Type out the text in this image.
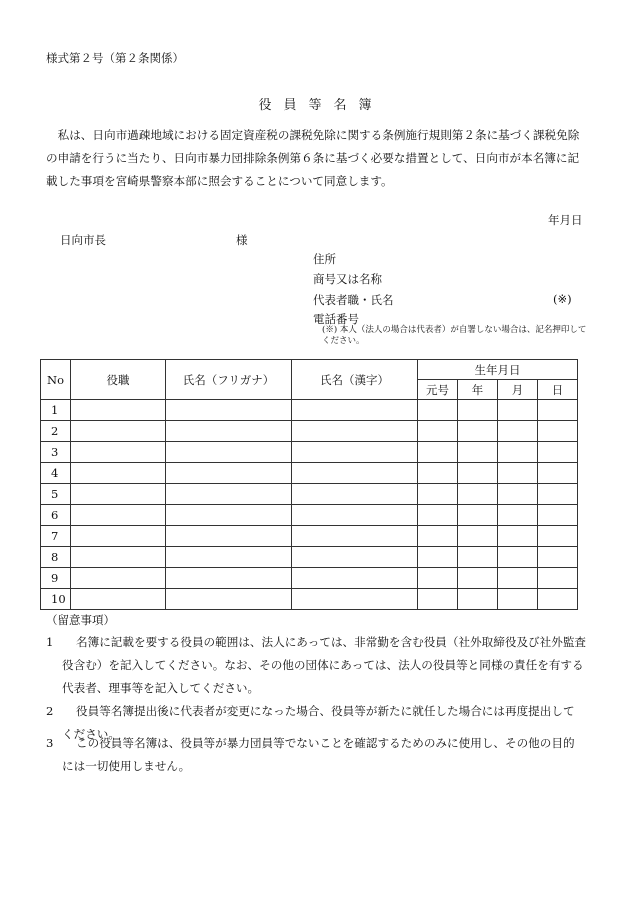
様式第２号（第２条関係）
役員等名簿
私は、日向市過疎地域における固定資産税の課税免除に関する条例施行規則第２条に基づく課税免除の申請を行うに当たり、日向市暴力団排除条例第６条に基づく必要な措置として、日向市が本名簿に記載した事項を宮崎県警察本部に照会することについて同意します。
年月日
日向市長	様
住所
商号又は名称
代表者職・氏名	(※)
電話番号
(※) 本人（法人の場合は代表者）が自署しない場合は、記名押印してください。
No	役職	氏名（フリガナ）	氏名（漢字）	生年月日			
				元号	年	月	日
1							
2							
3							
4							
5							
6							
7							
8							
9							
10							
（留意事項）
1 名簿に記載を要する役員の範囲は、法人にあっては、非常勤を含む役員（社外取締役及び社外監査役含む）を記入してください。なお、その他の団体にあっては、法人の役員等と同様の責任を有する代表者、理事等を記入してください。
2 役員等名簿提出後に代表者が変更になった場合、役員等が新たに就任した場合には再度提出してください。
3 この役員等名簿は、役員等が暴力団員等でないことを確認するためのみに使用し、その他の目的には一切使用しません。
